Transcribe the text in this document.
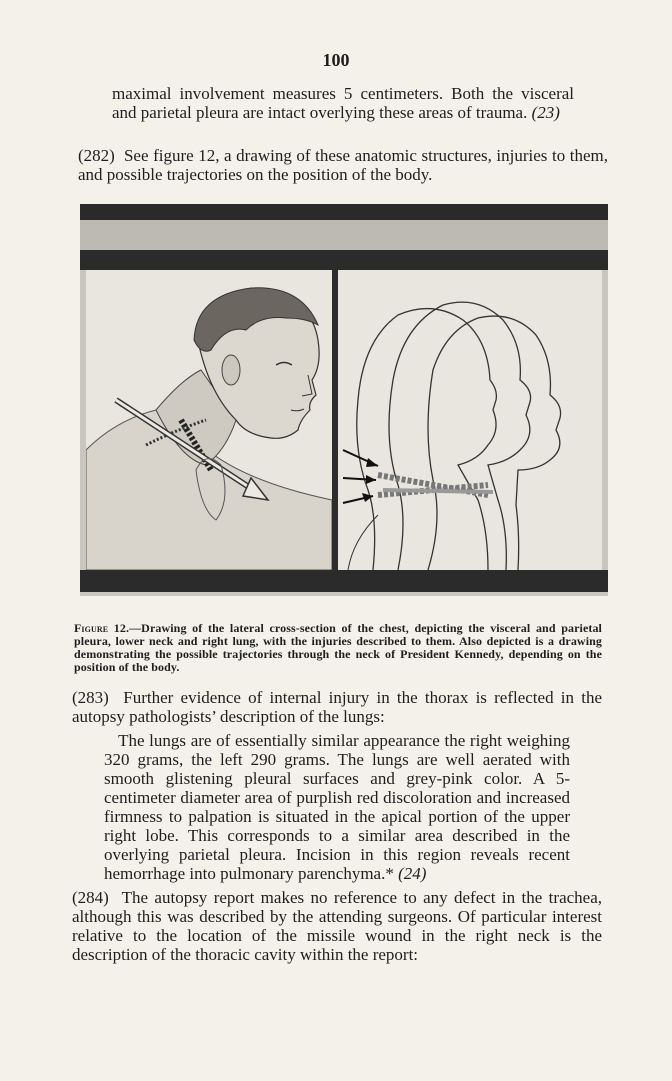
100

maximal involvement measures 5 centimeters. Both the visceral and parietal pleura are intact overlying these areas of trauma. (23)

(282) See figure 12, a drawing of these anatomic structures, injuries to them, and possible trajectories on the position of the body.

Figure 12.—Drawing of the lateral cross-section of the chest, depicting the visceral and parietal pleura, lower neck and right lung, with the injuries described to them. Also depicted is a drawing demonstrating the possible trajectories through the neck of President Kennedy, depending on the position of the body.

(283) Further evidence of internal injury in the thorax is reflected in the autopsy pathologists’ description of the lungs:

The lungs are of essentially similar appearance the right weighing 320 grams, the left 290 grams. The lungs are well aerated with smooth glistening pleural surfaces and grey-pink color. A 5-centimeter diameter area of purplish red discoloration and increased firmness to palpation is situated in the apical portion of the upper right lobe. This corresponds to a similar area described in the overlying parietal pleura. Incision in this region reveals recent hemorrhage into pulmonary parenchyma.* (24)

(284) The autopsy report makes no reference to any defect in the trachea, although this was described by the attending surgeons. Of particular interest relative to the location of the missile wound in the right neck is the description of the thoracic cavity within the report:
